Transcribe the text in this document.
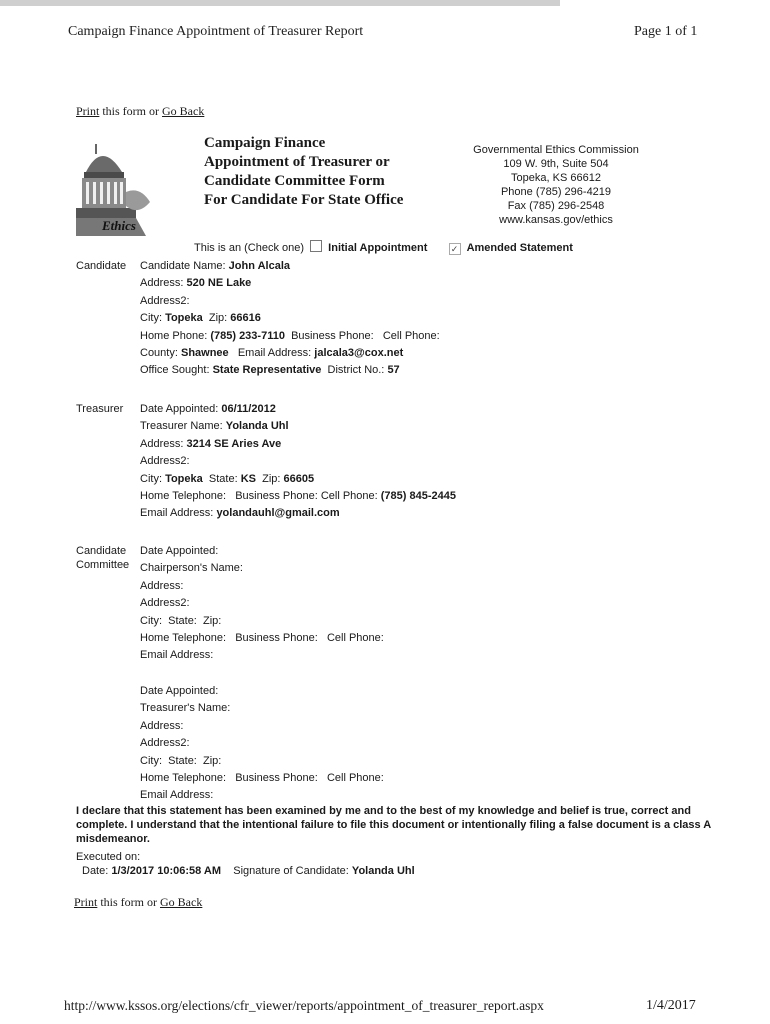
Campaign Finance Appointment of Treasurer Report	Page 1 of 1
Print this form or Go Back
Ethics
Campaign Finance
Appointment of Treasurer or
Candidate Committee Form
For Candidate For State Office
Governmental Ethics Commission
109 W. 9th, Suite 504
Topeka, KS 66612
Phone (785) 296-4219
Fax (785) 296-2548
www.kansas.gov/ethics
This is an (Check one) Initial Appointment	✓ Amended Statement
Candidate	Candidate Name: John Alcala
Address: 520 NE Lake
Address2:
City: Topeka Zip: 66616
Home Phone: (785) 233-7110 Business Phone: Cell Phone:
County: Shawnee Email Address: jalcala3@cox.net
Office Sought: State Representative District No.: 57
Treasurer	Date Appointed: 06/11/2012
Treasurer Name: Yolanda Uhl
Address: 3214 SE Aries Ave
Address2:
City: Topeka State: KS Zip: 66605
Home Telephone: Business Phone: Cell Phone: (785) 845-2445
Email Address: yolandauhl@gmail.com
Candidate
Committee
Date Appointed:
Chairperson's Name:
Address:
Address2:
City: State: Zip:
Home Telephone: Business Phone: Cell Phone:
Email Address:
Date Appointed:
Treasurer's Name:
Address:
Address2:
City: State: Zip:
Home Telephone: Business Phone: Cell Phone:
Email Address:
I declare that this statement has been examined by me and to the best of my knowledge and belief is true, correct and complete. I understand that the intentional failure to file this document or intentionally filing a false document is a class A misdemeanor.
Executed on:
Date: 1/3/2017 10:06:58 AM Signature of Candidate: Yolanda Uhl
Print this form or Go Back
http://www.kssos.org/elections/cfr_viewer/reports/appointment_of_treasurer_report.aspx	1/4/2017
